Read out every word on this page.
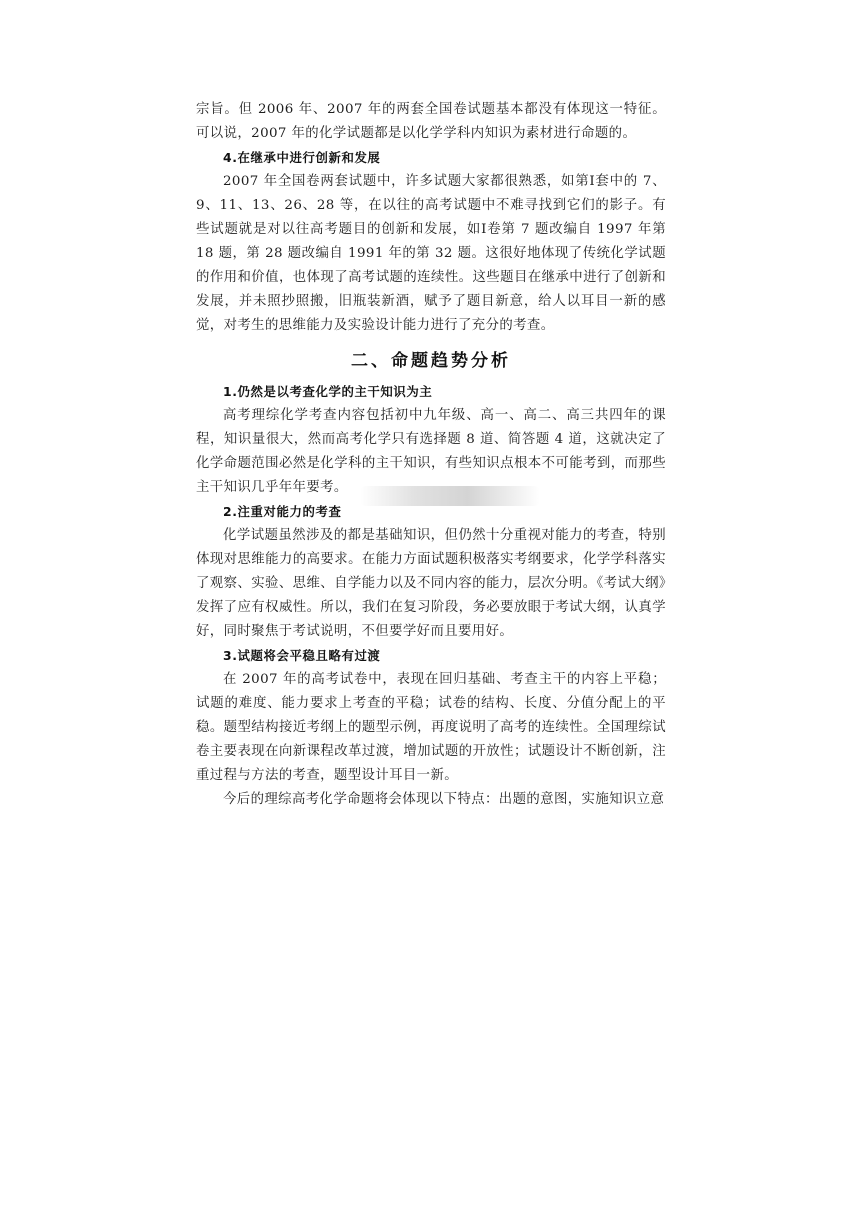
宗旨。但 2006 年、2007 年的两套全国卷试题基本都没有体现这一特征。可以说，2007 年的化学试题都是以化学学科内知识为素材进行命题的。

4.在继承中进行创新和发展

2007 年全国卷两套试题中，许多试题大家都很熟悉，如第Ⅰ套中的 7、9、11、13、26、28 等，在以往的高考试题中不难寻找到它们的影子。有些试题就是对以往高考题目的创新和发展，如Ⅰ卷第 7 题改编自 1997 年第 18 题，第 28 题改编自 1991 年的第 32 题。这很好地体现了传统化学试题的作用和价值，也体现了高考试题的连续性。这些题目在继承中进行了创新和发展，并未照抄照搬，旧瓶装新酒，赋予了题目新意，给人以耳目一新的感觉，对考生的思维能力及实验设计能力进行了充分的考查。

二、命题趋势分析

1.仍然是以考查化学的主干知识为主

高考理综化学考查内容包括初中九年级、高一、高二、高三共四年的课程，知识量很大，然而高考化学只有选择题 8 道、简答题 4 道，这就决定了化学命题范围必然是化学科的主干知识，有些知识点根本不可能考到，而那些主干知识几乎年年要考。

2.注重对能力的考查

化学试题虽然涉及的都是基础知识，但仍然十分重视对能力的考查，特别体现对思维能力的高要求。在能力方面试题积极落实考纲要求，化学学科落实了观察、实验、思维、自学能力以及不同内容的能力，层次分明。《考试大纲》发挥了应有权威性。所以，我们在复习阶段，务必要放眼于考试大纲，认真学好，同时聚焦于考试说明，不但要学好而且要用好。

3.试题将会平稳且略有过渡

在 2007 年的高考试卷中，表现在回归基础、考查主干的内容上平稳；试题的难度、能力要求上考查的平稳；试卷的结构、长度、分值分配上的平稳。题型结构接近考纲上的题型示例，再度说明了高考的连续性。全国理综试卷主要表现在向新课程改革过渡，增加试题的开放性；试题设计不断创新，注重过程与方法的考查，题型设计耳目一新。

今后的理综高考化学命题将会体现以下特点：出题的意图，实施知识立意
